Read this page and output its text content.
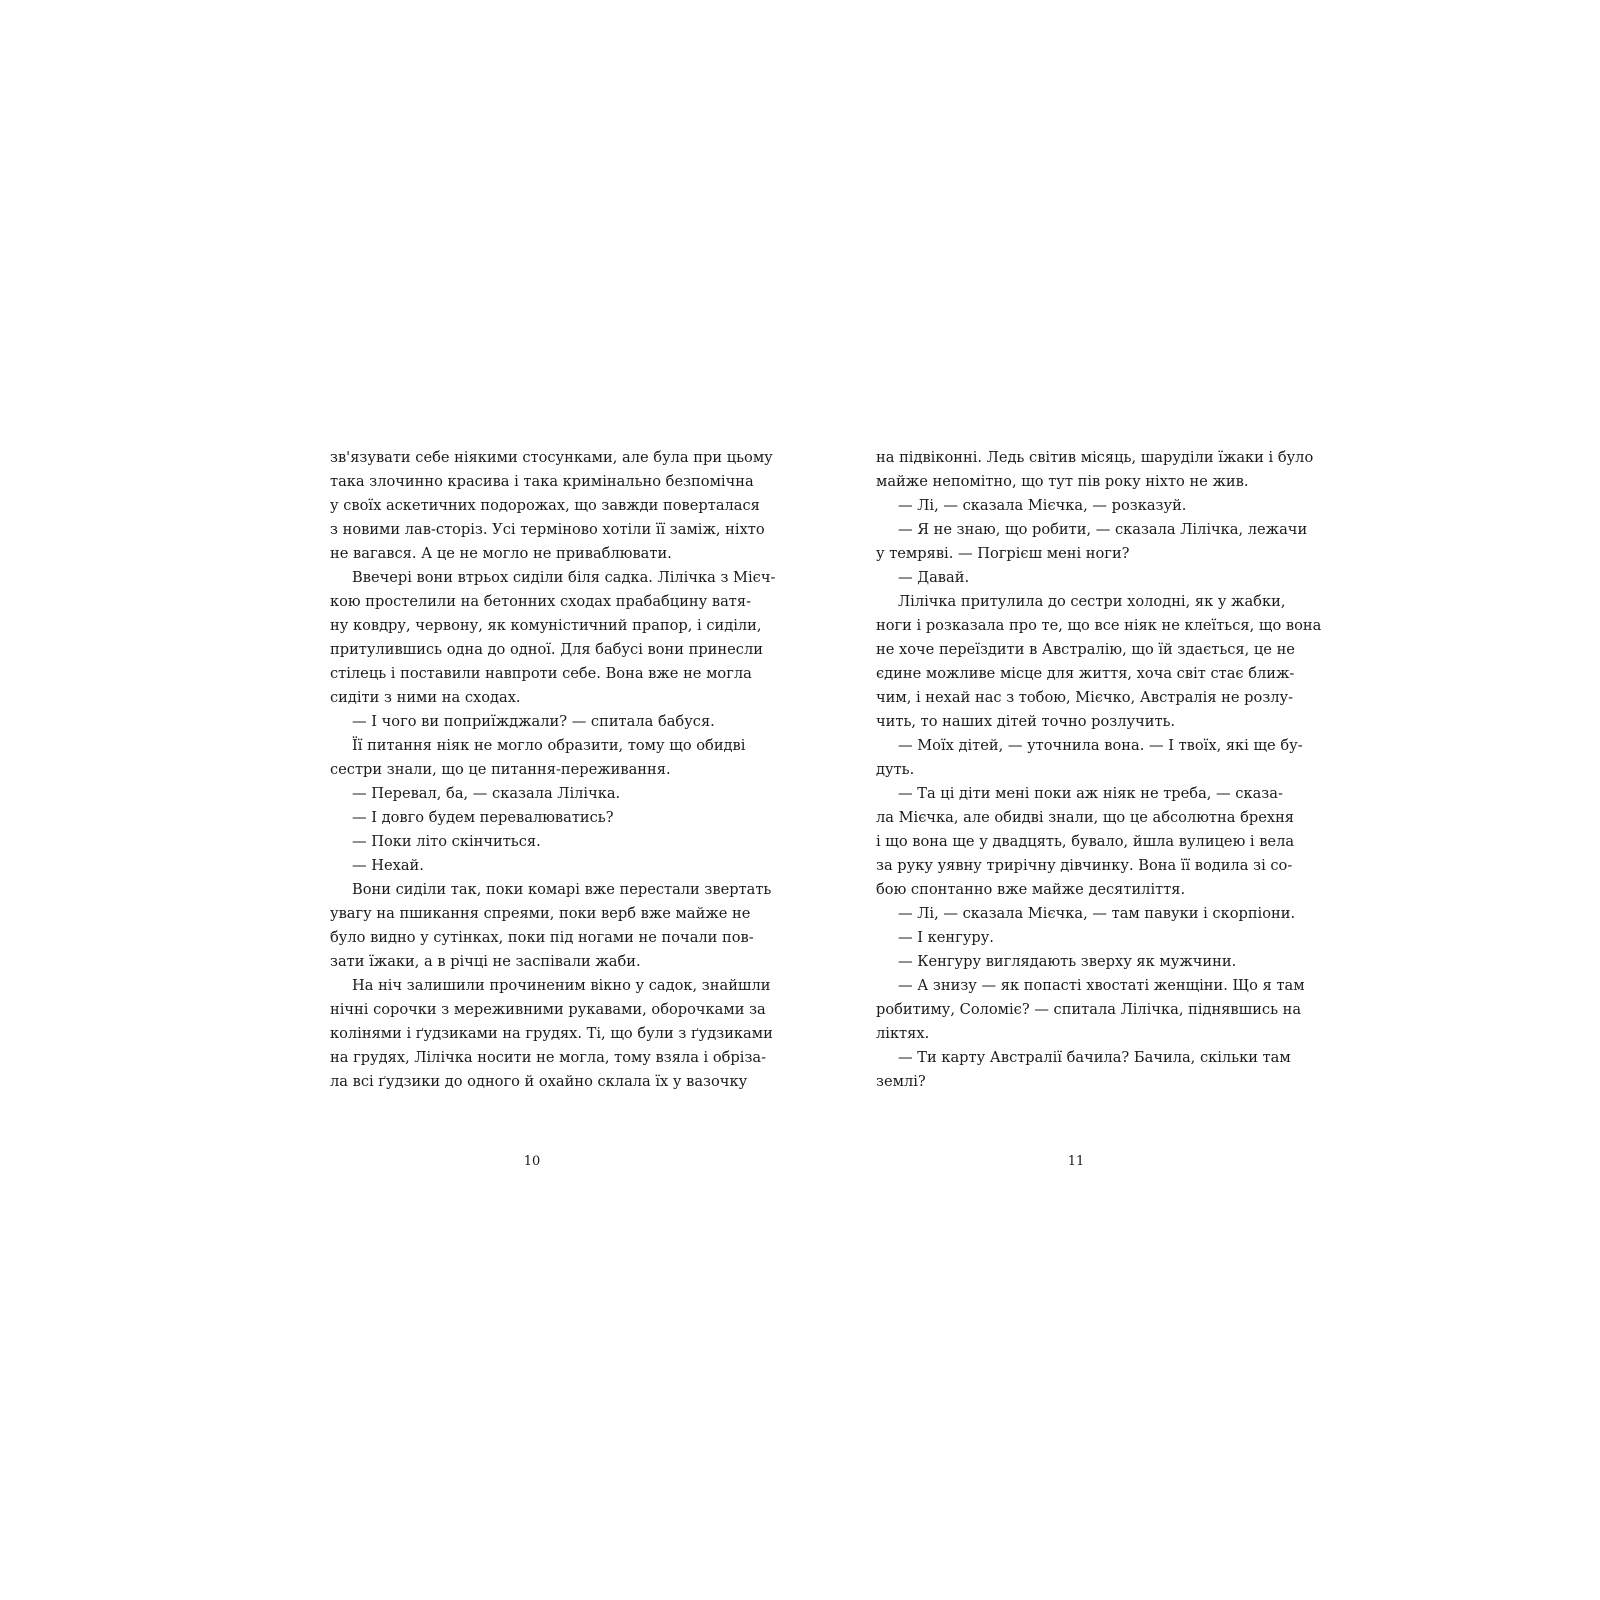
зв'язувати себе ніякими стосунками, але була при цьому
така злочинно красива і така кримінально безпомічна
у своїх аскетичних подорожах, що завжди поверталася
з новими лав-сторіз. Усі терміново хотіли її заміж, ніхто
не вагався. А це не могло не приваблювати.
Ввечері вони втрьох сиділи біля садка. Лілічка з Мієч-
кою простелили на бетонних сходах прабабцину ватя-
ну ковдру, червону, як комуністичний прапор, і сиділи,
притулившись одна до одної. Для бабусі вони принесли
стілець і поставили навпроти себе. Вона вже не могла
сидіти з ними на сходах.
— І чого ви поприїжджали? — спитала бабуся.
Її питання ніяк не могло образити, тому що обидві
сестри знали, що це питання-переживання.
— Перевал, ба, — сказала Лілічка.
— І довго будем перевалюватись?
— Поки літо скінчиться.
— Нехай.
Вони сиділи так, поки комарі вже перестали звертать
увагу на пшикання спреями, поки верб вже майже не
було видно у сутінках, поки під ногами не почали пов-
зати їжаки, а в річці не заспівали жаби.
На ніч залишили прочиненим вікно у садок, знайшли
нічні сорочки з мереживними рукавами, оборочками за
колінями і ґудзиками на грудях. Ті, що були з ґудзиками
на грудях, Лілічка носити не могла, тому взяла і обрізa-
ла всі ґудзики до одного й охайно склала їх у вазочку
на підвіконні. Ледь світив місяць, шарудiли їжаки і було
майже непомітно, що тут пів року ніхто не жив.
— Лі, — сказала Мієчка, — розказуй.
— Я не знаю, що робити, — сказала Лілічка, лежачи
у темряві. — Погрієш мені ноги?
— Давай.
Лілічка притулила до сестри холодні, як у жабки,
ноги і розказала про те, що все ніяк не клеїться, що вона
не хоче переїздити в Австралію, що їй здається, це не
єдине можливе місце для життя, хоча світ стає ближ-
чим, і нехай нас з тобою, Мієчко, Австралія не розлу-
чить, то наших дітей точно розлучить.
— Моїх дітей, — уточнила вона. — І твоїх, які ще бу-
дуть.
— Та ці діти мені поки аж ніяк не треба, — сказа-
ла Мієчка, але обидві знали, що це абсолютна брехня
і що вона ще у двадцять, бувало, йшла вулицею і вела
за руку уявну трирічну дівчинку. Вона її водила зі со-
бою спонтанно вже майже десятиліття.
— Лі, — сказала Мієчка, — там павуки і скорпіони.
— І кенгуру.
— Кенгуру виглядають зверху як мужчини.
— А знизу — як попасті хвостаті женщіни. Що я там
робитиму, Соломіє? — спитала Лілічка, піднявшись на
ліктях.
— Ти карту Австралії бачила? Бачила, скільки там
землі?
10	11
